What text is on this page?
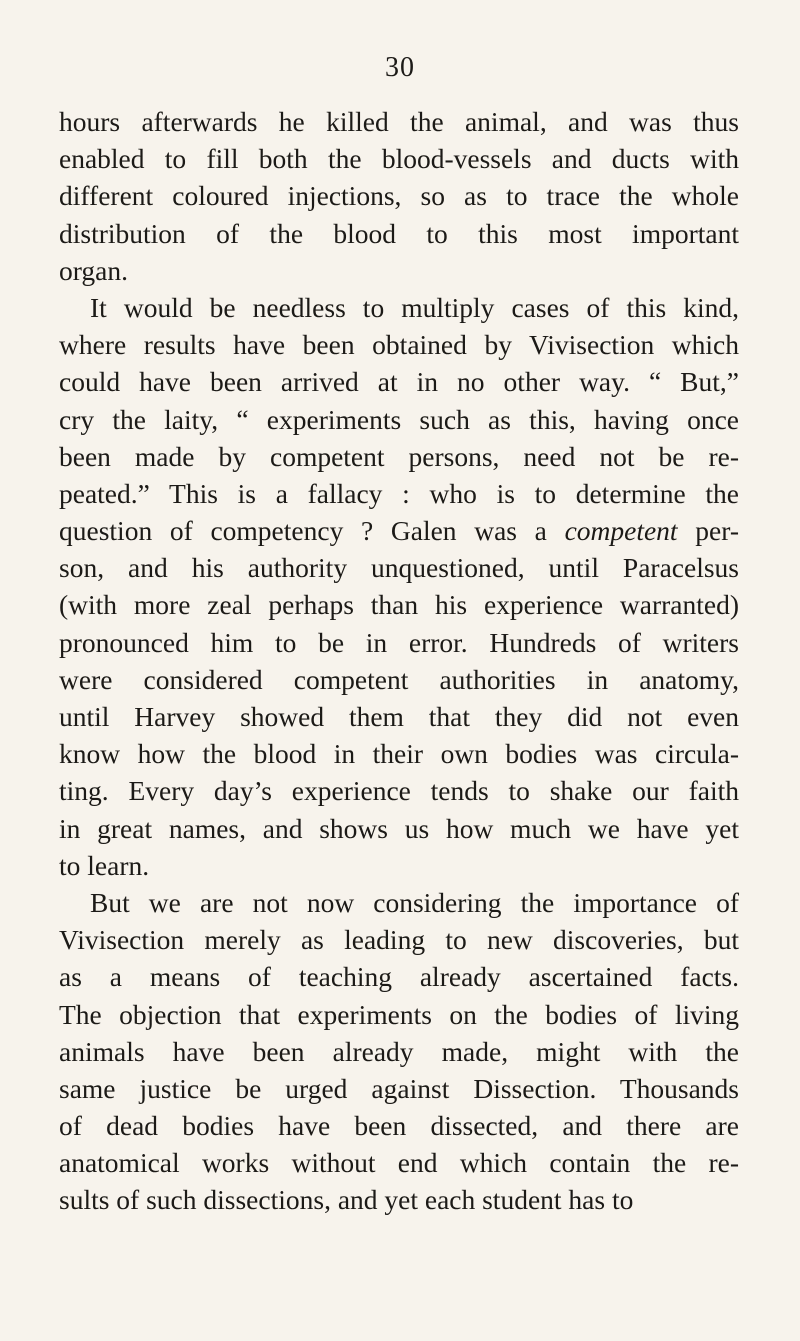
30
hours afterwards he killed the animal, and was thus
enabled to fill both the blood-vessels and ducts with
different coloured injections, so as to trace the whole
distribution of the blood to this most important
organ.
It would be needless to multiply cases of this kind,
where results have been obtained by Vivisection which
could have been arrived at in no other way. “ But,”
cry the laity, “ experiments such as this, having once
been made by competent persons, need not be re-
peated.” This is a fallacy : who is to determine the
question of competency ? Galen was a competent per-
son, and his authority unquestioned, until Paracelsus
(with more zeal perhaps than his experience warranted)
pronounced him to be in error. Hundreds of writers
were considered competent authorities in anatomy,
until Harvey showed them that they did not even
know how the blood in their own bodies was circula-
ting. Every day’s experience tends to shake our faith
in great names, and shows us how much we have yet
to learn.
But we are not now considering the importance of
Vivisection merely as leading to new discoveries, but
as a means of teaching already ascertained facts.
The objection that experiments on the bodies of living
animals have been already made, might with the
same justice be urged against Dissection. Thousands
of dead bodies have been dissected, and there are
anatomical works without end which contain the re-
sults of such dissections, and yet each student has to
